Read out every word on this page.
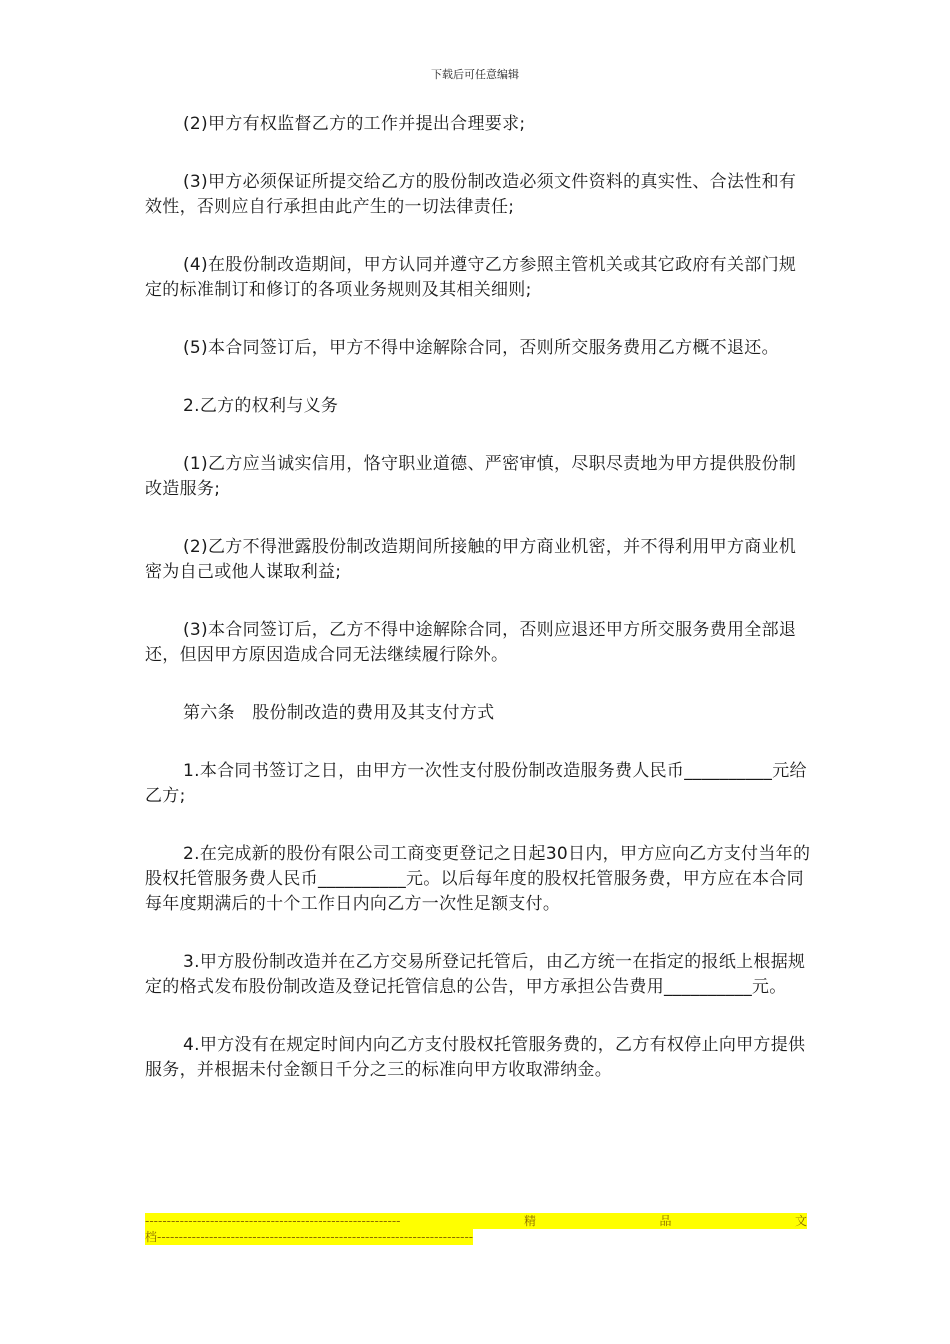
下载后可任意编辑

(2)甲方有权监督乙方的工作并提出合理要求;

(3)甲方必须保证所提交给乙方的股份制改造必须文件资料的真实性、合法性和有效性，否则应自行承担由此产生的一切法律责任;

(4)在股份制改造期间，甲方认同并遵守乙方参照主管机关或其它政府有关部门规定的标准制订和修订的各项业务规则及其相关细则;

(5)本合同签订后，甲方不得中途解除合同，否则所交服务费用乙方概不退还。

2.乙方的权利与义务

(1)乙方应当诚实信用，恪守职业道德、严密审慎，尽职尽责地为甲方提供股份制改造服务;

(2)乙方不得泄露股份制改造期间所接触的甲方商业机密，并不得利用甲方商业机密为自己或他人谋取利益;

(3)本合同签订后，乙方不得中途解除合同，否则应退还甲方所交服务费用全部退还，但因甲方原因造成合同无法继续履行除外。

第六条　股份制改造的费用及其支付方式

1.本合同书签订之日，由甲方一次性支付股份制改造服务费人民币__________元给乙方;

2.在完成新的股份有限公司工商变更登记之日起30日内，甲方应向乙方支付当年的股权托管服务费人民币__________元。以后每年度的股权托管服务费，甲方应在本合同每年度期满后的十个工作日内向乙方一次性足额支付。

3.甲方股份制改造并在乙方交易所登记托管后，由乙方统一在指定的报纸上根据规定的格式发布股份制改造及登记托管信息的公告，甲方承担公告费用__________元。

4.甲方没有在规定时间内向乙方支付股权托管服务费的，乙方有权停止向甲方提供服务，并根据未付金额日千分之三的标准向甲方收取滞纳金。

-----------------------------------------------------------	精	品	文
档-------------------------------------------------------------------------
